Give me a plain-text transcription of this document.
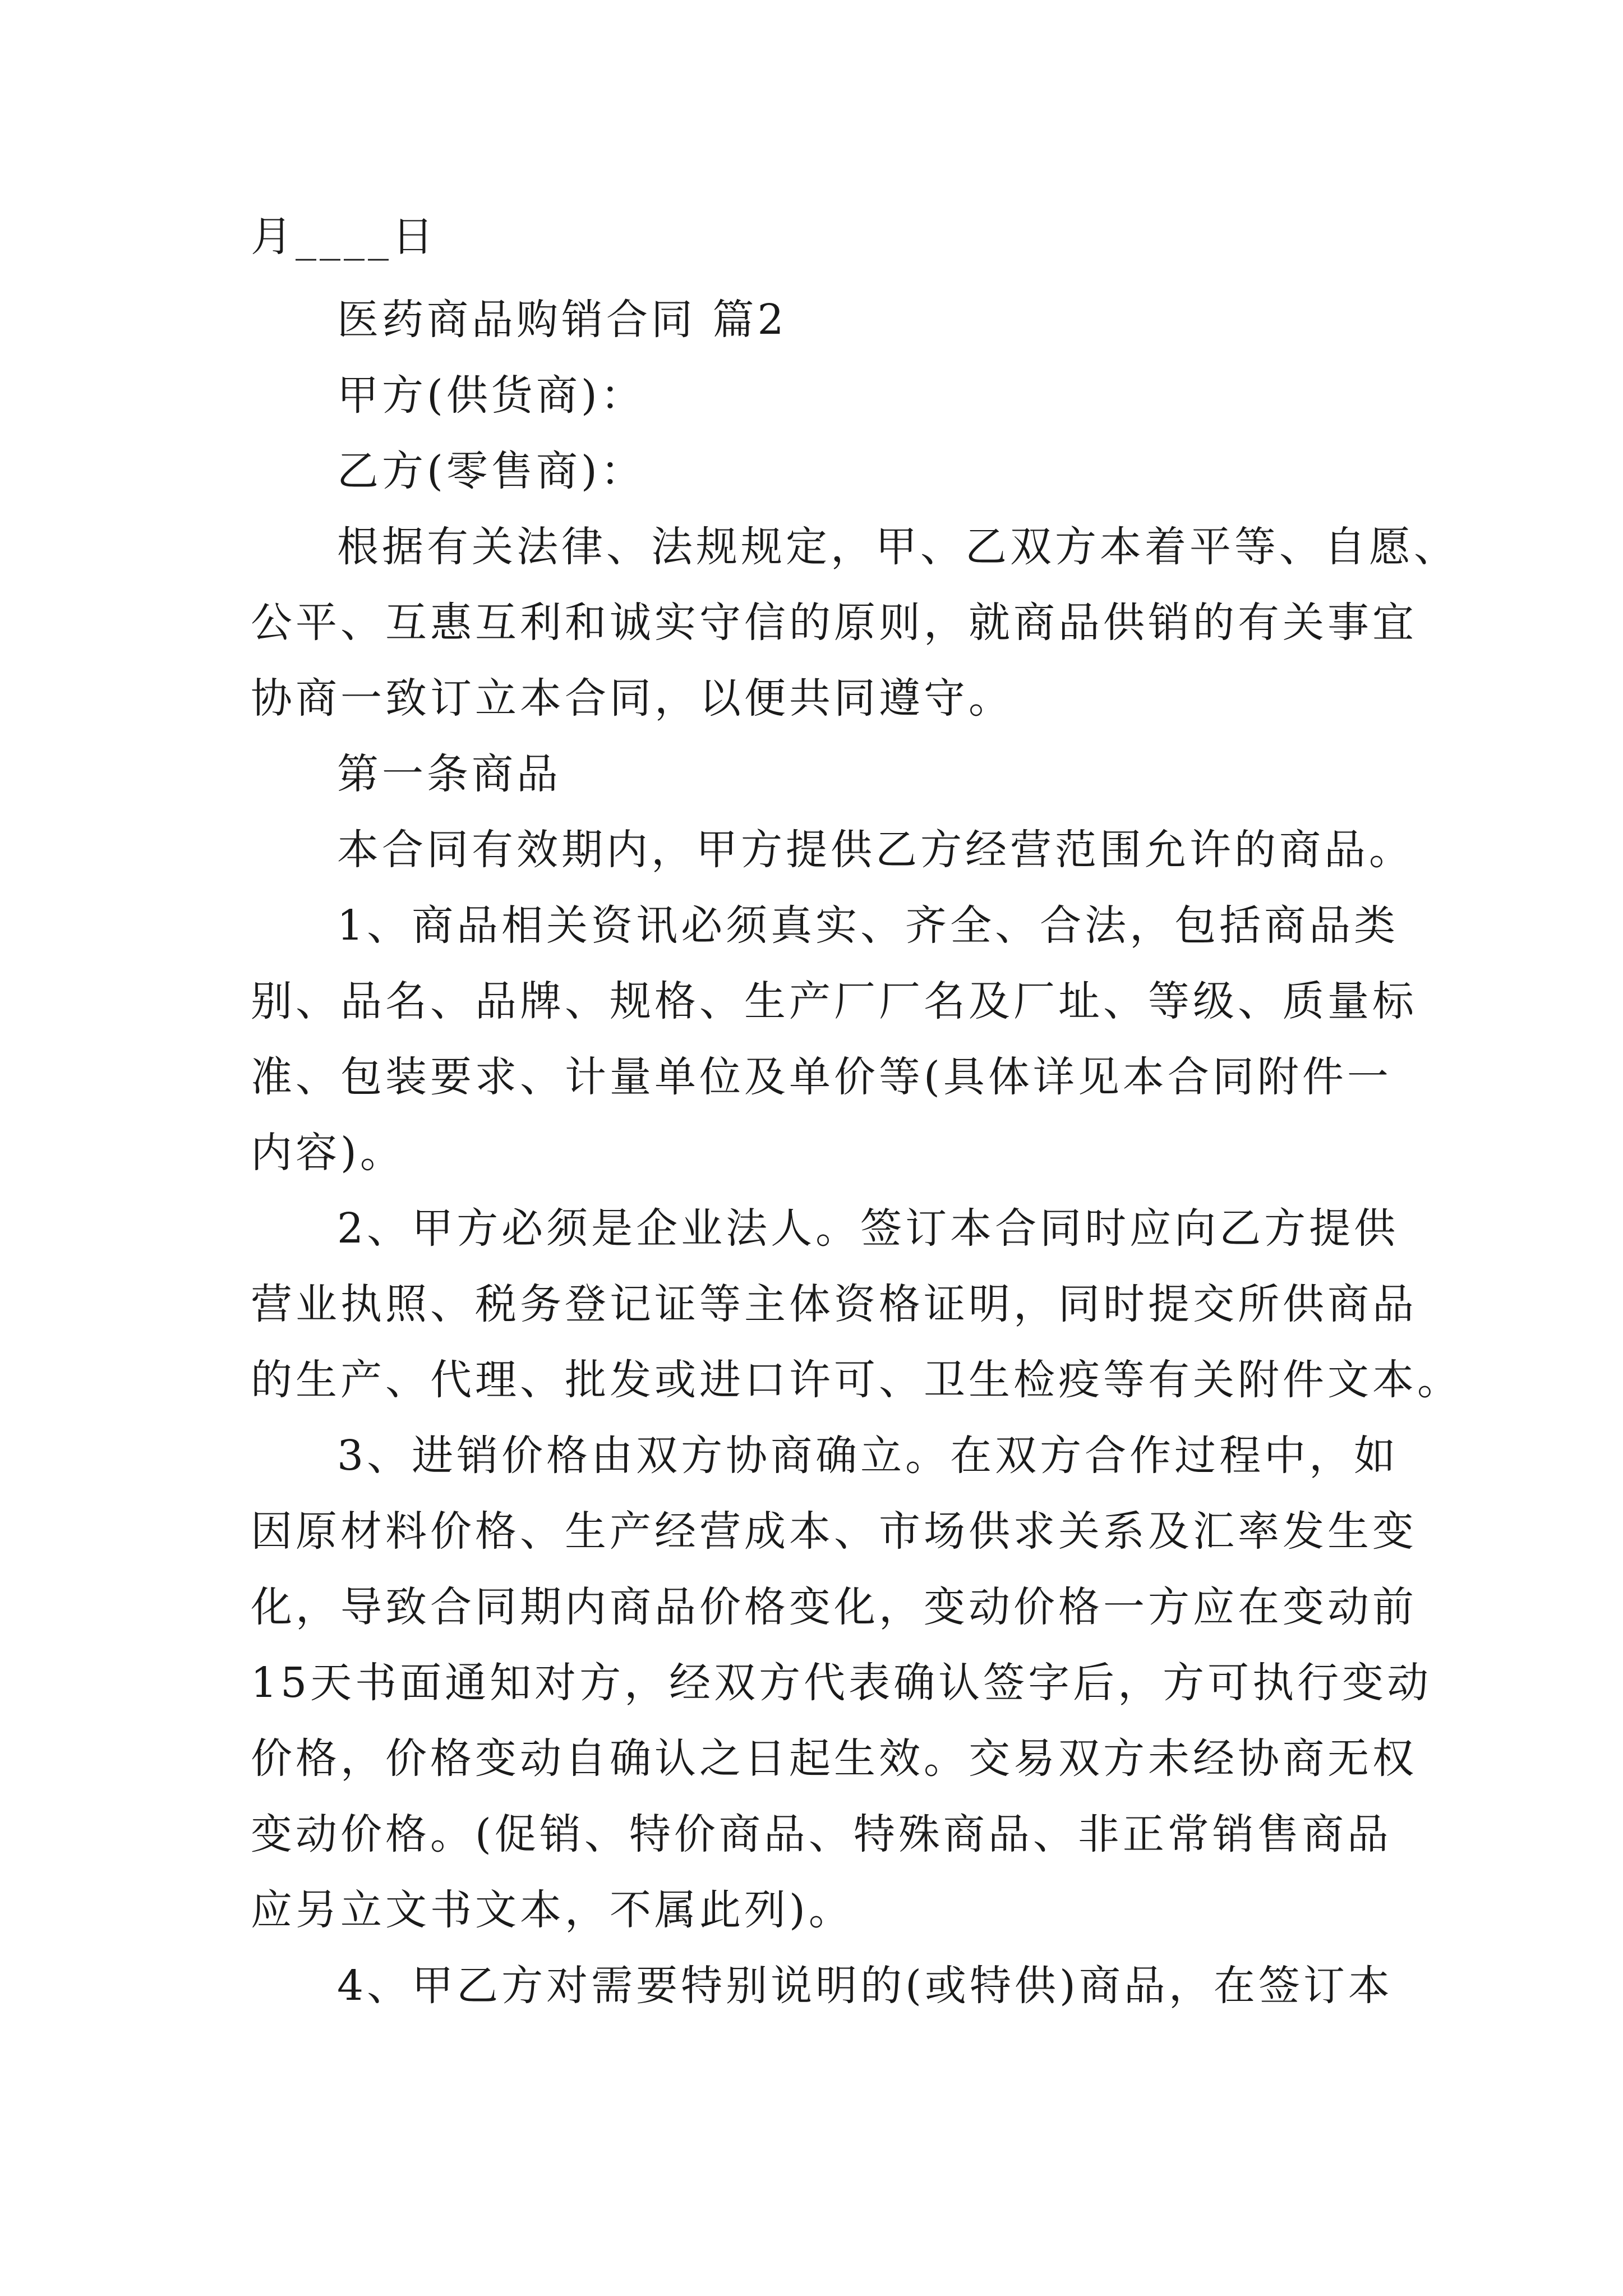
月____日
医药商品购销合同 篇2
甲方(供货商)：
乙方(零售商)：
根据有关法律、法规规定，甲、乙双方本着平等、自愿、
公平、互惠互利和诚实守信的原则，就商品供销的有关事宜
协商一致订立本合同，以便共同遵守。
第一条商品
本合同有效期内，甲方提供乙方经营范围允许的商品。
1、商品相关资讯必须真实、齐全、合法，包括商品类
别、品名、品牌、规格、生产厂厂名及厂址、等级、质量标
准、包装要求、计量单位及单价等(具体详见本合同附件一
内容)。
2、甲方必须是企业法人。签订本合同时应向乙方提供
营业执照、税务登记证等主体资格证明，同时提交所供商品
的生产、代理、批发或进口许可、卫生检疫等有关附件文本。
3、进销价格由双方协商确立。在双方合作过程中，如
因原材料价格、生产经营成本、市场供求关系及汇率发生变
化，导致合同期内商品价格变化，变动价格一方应在变动前
15天书面通知对方，经双方代表确认签字后，方可执行变动
价格，价格变动自确认之日起生效。交易双方未经协商无权
变动价格。(促销、特价商品、特殊商品、非正常销售商品
应另立文书文本，不属此列)。
4、甲乙方对需要特别说明的(或特供)商品，在签订本
